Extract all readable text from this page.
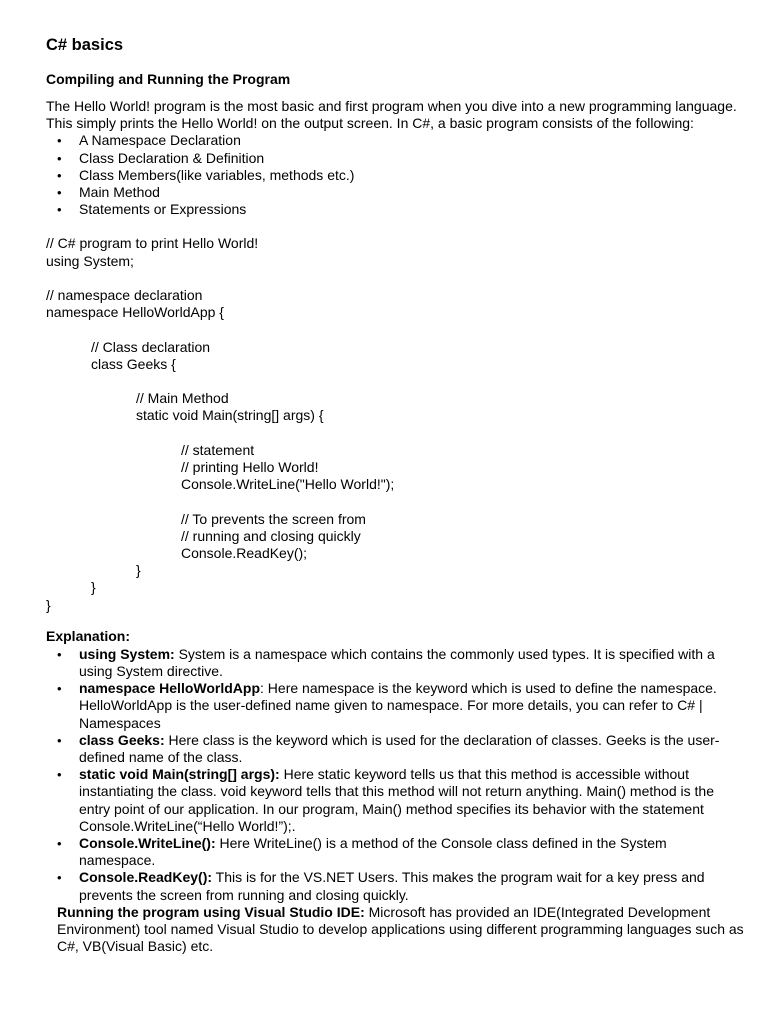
C# basics
Compiling and Running the Program

The Hello World! program is the most basic and first program when you dive into a new programming language. This simply prints the Hello World! on the output screen. In C#, a basic program consists of the following:

• A Namespace Declaration
• Class Declaration & Definition
• Class Members(like variables, methods etc.)
• Main Method
• Statements or Expressions
// C# program to print Hello World!
using System;
// namespace declaration
namespace HelloWorldApp {
// Class declaration
class Geeks {
// Main Method
static void Main(string[] args) {
// statement
// printing Hello World!
Console.WriteLine("Hello World!");
// To prevents the screen from
// running and closing quickly
Console.ReadKey();
}
}
}
Explanation:
• using System: System is a namespace which contains the commonly used types. It is specified with a using System directive.
• namespace HelloWorldApp: Here namespace is the keyword which is used to define the namespace. HelloWorldApp is the user-defined name given to namespace. For more details, you can refer to C# | Namespaces
• class Geeks: Here class is the keyword which is used for the declaration of classes. Geeks is the user-defined name of the class.
• static void Main(string[] args): Here static keyword tells us that this method is accessible without instantiating the class. void keyword tells that this method will not return anything. Main() method is the entry point of our application. In our program, Main() method specifies its behavior with the statement Console.WriteLine(“Hello World!”);.
• Console.WriteLine(): Here WriteLine() is a method of the Console class defined in the System namespace.
• Console.ReadKey(): This is for the VS.NET Users. This makes the program wait for a key press and prevents the screen from running and closing quickly.

Running the program using Visual Studio IDE: Microsoft has provided an IDE(Integrated Development Environment) tool named Visual Studio to develop applications using different programming languages such as C#, VB(Visual Basic) etc.
